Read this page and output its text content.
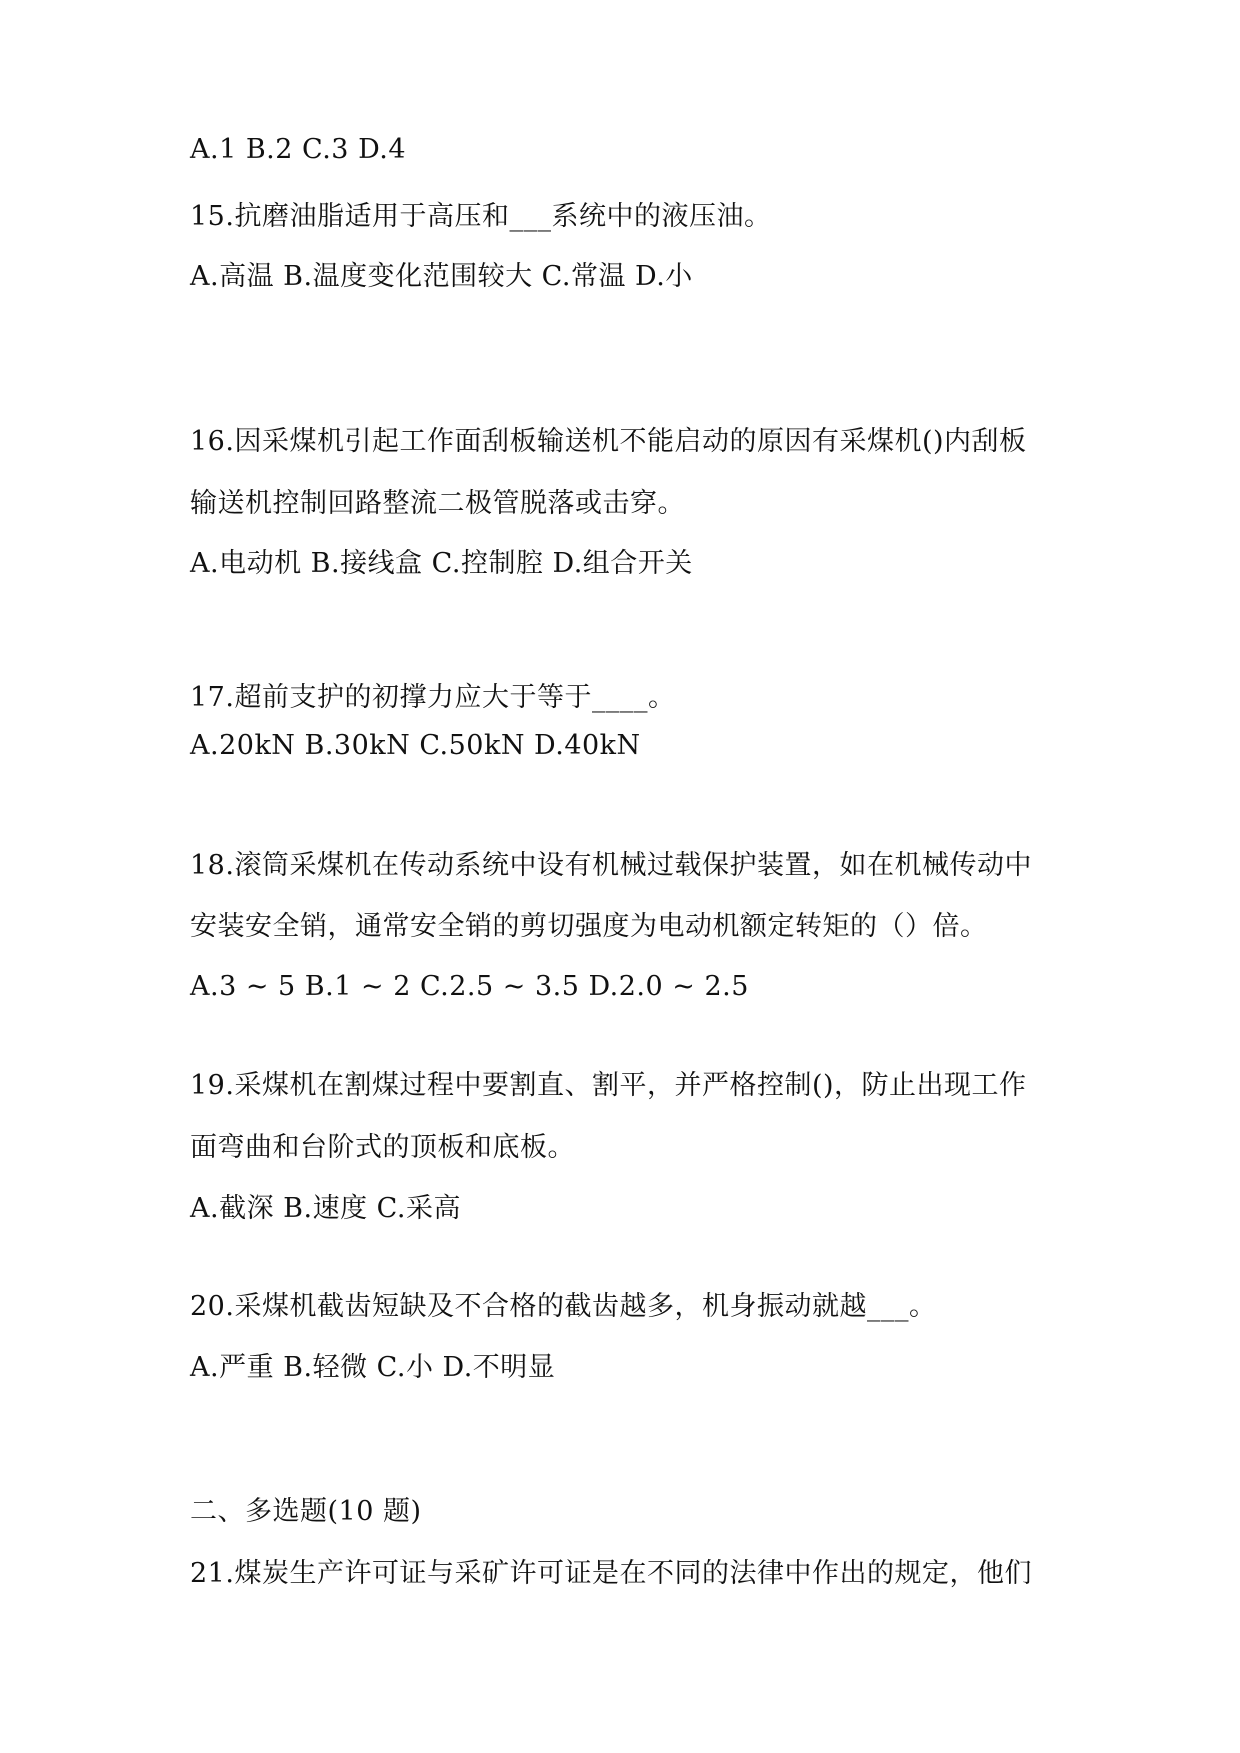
A.1 B.2 C.3 D.4
15.抗磨油脂适用于高压和___系统中的液压油。
A.高温 B.温度变化范围较大 C.常温 D.小
16.因采煤机引起工作面刮板输送机不能启动的原因有采煤机()内刮板
输送机控制回路整流二极管脱落或击穿。
A.电动机 B.接线盒 C.控制腔 D.组合开关
17.超前支护的初撑力应大于等于____。
A.20kN B.30kN C.50kN D.40kN
18.滚筒采煤机在传动系统中设有机械过载保护装置，如在机械传动中
安装安全销，通常安全销的剪切强度为电动机额定转矩的（）倍。
A.3 ~ 5 B.1 ~ 2 C.2.5 ~ 3.5 D.2.0 ~ 2.5
19.采煤机在割煤过程中要割直、割平，并严格控制()，防止出现工作
面弯曲和台阶式的顶板和底板。
A.截深 B.速度 C.采高
20.采煤机截齿短缺及不合格的截齿越多，机身振动就越___。
A.严重 B.轻微 C.小 D.不明显
二、多选题(10 题)
21.煤炭生产许可证与采矿许可证是在不同的法律中作出的规定，他们
